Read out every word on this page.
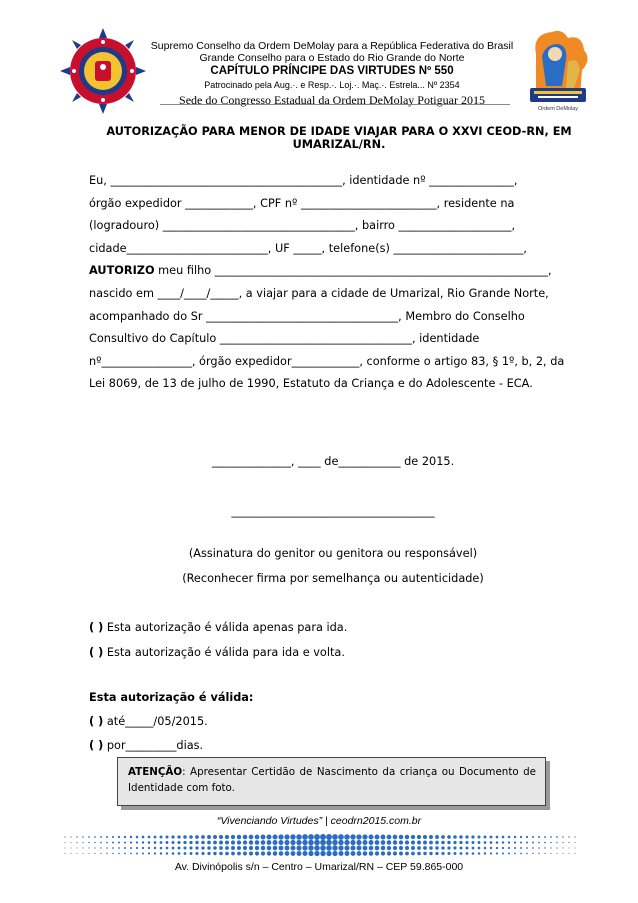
Supremo Conselho da Ordem DeMolay para a República Federativa do Brasil
Grande Conselho para o Estado do Rio Grande do Norte
CAPÍTULO PRÍNCIPE DAS VIRTUDES Nº 550
Patrocinado pela Aug.·. e Resp.·. Loj.·. Maç.·. Estrela... Nº 2354
Sede do Congresso Estadual da Ordem DeMolay Potiguar 2015
Ordem DeMolay
AUTORIZAÇÃO PARA MENOR DE IDADE VIAJAR PARA O XXVI CEOD-RN, EM UMARIZAL/RN.
Eu, _________________________________________, identidade nº _______________,
órgão expedidor ____________, CPF nº ________________________, residente na
(logradouro) __________________________________, bairro ____________________,
cidade_________________________, UF _____, telefone(s) _______________________,
AUTORIZO meu filho ___________________________________________________________,
nascido em ____/____/_____, a viajar para a cidade de Umarizal, Rio Grande Norte,
acompanhado do Sr __________________________________, Membro do Conselho
Consultivo do Capítulo __________________________________, identidade
nº________________, órgão expedidor____________, conforme o artigo 83, § 1º, b, 2, da
Lei 8069, de 13 de julho de 1990, Estatuto da Criança e do Adolescente - ECA.
______________, ____ de___________ de 2015.
____________________________________
(Assinatura do genitor ou genitora ou responsável)
(Reconhecer firma por semelhança ou autenticidade)
( ) Esta autorização é válida apenas para ida.
( ) Esta autorização é válida para ida e volta.
Esta autorização é válida:
( ) até_____/05/2015.
( ) por_________dias.
ATENÇÃO: Apresentar Certidão de Nascimento da criança ou Documento de Identidade com foto.
“Vivenciando Virtudes” | ceodrn2015.com.br
Av. Divinópolis s/n – Centro – Umarizal/RN – CEP 59.865-000
